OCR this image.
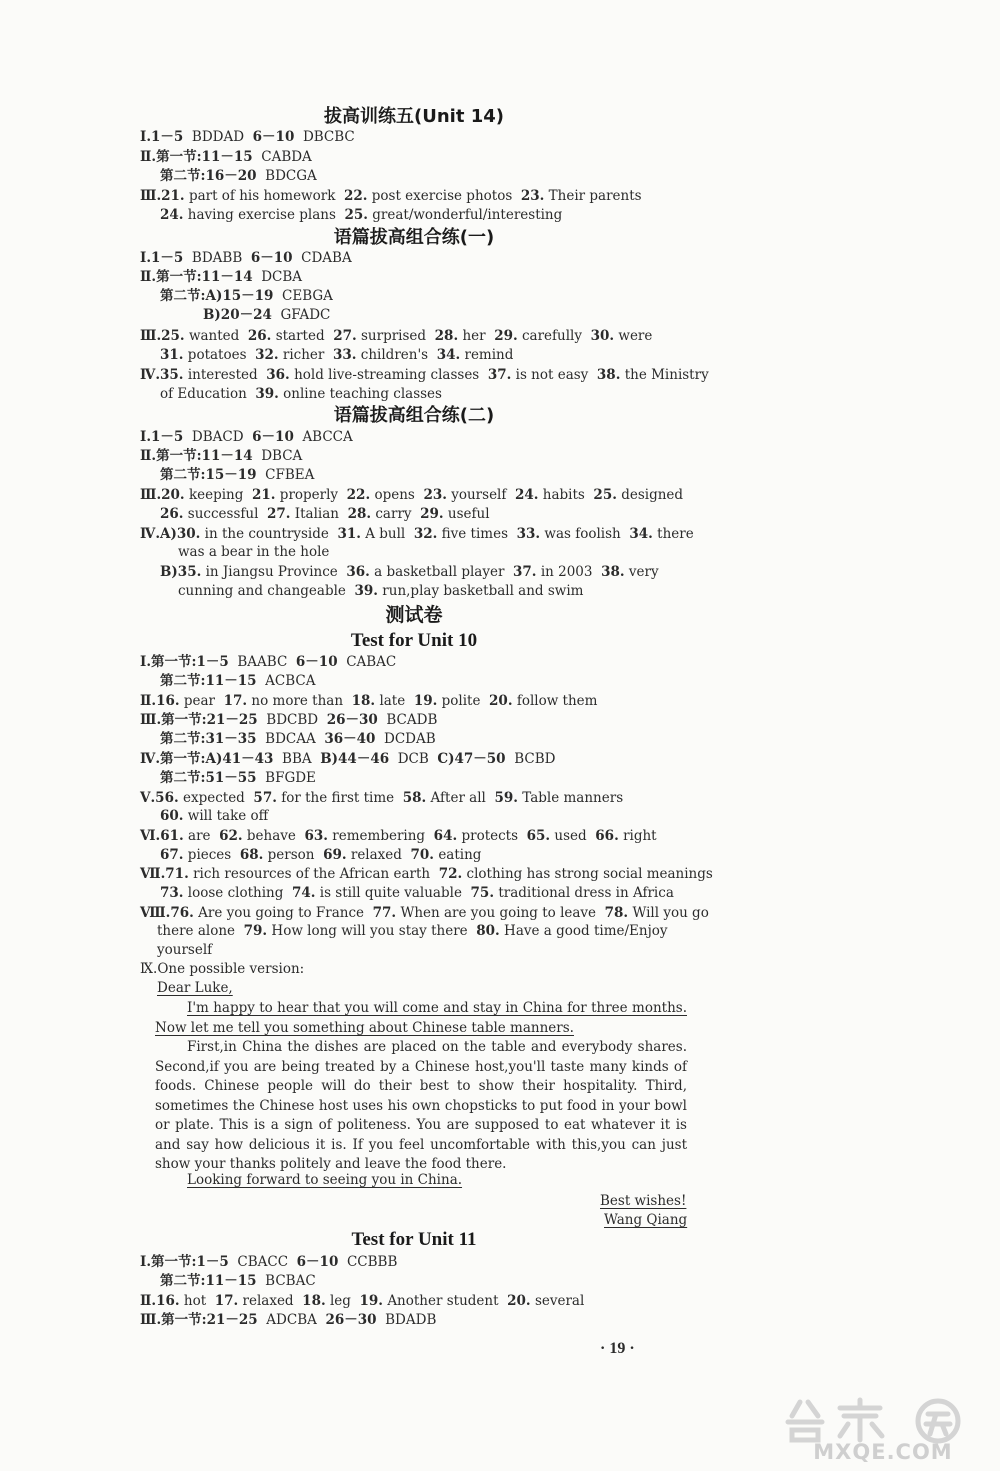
拔高训练五(Unit 14)
Ⅰ.1－5 BDDAD 6－10 DBCBC
Ⅱ.第一节:11－15 CABDA
第二节:16－20 BDCGA
Ⅲ.21. part of his homework 22. post exercise photos 23. Their parents
24. having exercise plans 25. great/wonderful/interesting
语篇拔高组合练(一)
Ⅰ.1－5 BDABB 6－10 CDABA
Ⅱ.第一节:11－14 DCBA
第二节:A)15－19 CEBGA
B)20－24 GFADC
Ⅲ.25. wanted 26. started 27. surprised 28. her 29. carefully 30. were
31. potatoes 32. richer 33. children's 34. remind
Ⅳ.35. interested 36. hold live-streaming classes 37. is not easy 38. the Ministry
of Education 39. online teaching classes
语篇拔高组合练(二)
Ⅰ.1－5 DBACD 6－10 ABCCA
Ⅱ.第一节:11－14 DBCA
第二节:15－19 CFBEA
Ⅲ.20. keeping 21. properly 22. opens 23. yourself 24. habits 25. designed
26. successful 27. Italian 28. carry 29. useful
Ⅳ.A)30. in the countryside 31. A bull 32. five times 33. was foolish 34. there
was a bear in the hole
B)35. in Jiangsu Province 36. a basketball player 37. in 2003 38. very
cunning and changeable 39. run,play basketball and swim
测试卷
Test for Unit 10
Ⅰ.第一节:1－5 BAABC 6－10 CABAC
第二节:11－15 ACBCA
Ⅱ.16. pear 17. no more than 18. late 19. polite 20. follow them
Ⅲ.第一节:21－25 BDCBD 26－30 BCADB
第二节:31－35 BDCAA 36－40 DCDAB
Ⅳ.第一节:A)41－43 BBA B)44－46 DCB C)47－50 BCBD
第二节:51－55 BFGDE
Ⅴ.56. expected 57. for the first time 58. After all 59. Table manners
60. will take off
Ⅵ.61. are 62. behave 63. remembering 64. protects 65. used 66. right
67. pieces 68. person 69. relaxed 70. eating
Ⅶ.71. rich resources of the African earth 72. clothing has strong social meanings
73. loose clothing 74. is still quite valuable 75. traditional dress in Africa
Ⅷ.76. Are you going to France 77. When are you going to leave 78. Will you go
there alone 79. How long will you stay there 80. Have a good time/Enjoy
yourself
Ⅸ.One possible version:
Dear Luke,
I'm happy to hear that you will come and stay in China for three months. Now let me tell you something about Chinese table manners.
First,in China the dishes are placed on the table and everybody shares. Second,if you are being treated by a Chinese host,you'll taste many kinds of foods. Chinese people will do their best to show their hospitality. Third, sometimes the Chinese host uses his own chopsticks to put food in your bowl or plate. This is a sign of politeness. You are supposed to eat whatever it is and say how delicious it is. If you feel uncomfortable with this,you can just show your thanks politely and leave the food there.
Looking forward to seeing you in China.
Best wishes!
Wang Qiang
Test for Unit 11
Ⅰ.第一节:1－5 CBACC 6－10 CCBBB
第二节:11－15 BCBAC
Ⅱ.16. hot 17. relaxed 18. leg 19. Another student 20. several
Ⅲ.第一节:21－25 ADCBA 26－30 BDADB
· 19 ·
MXQE.COM
